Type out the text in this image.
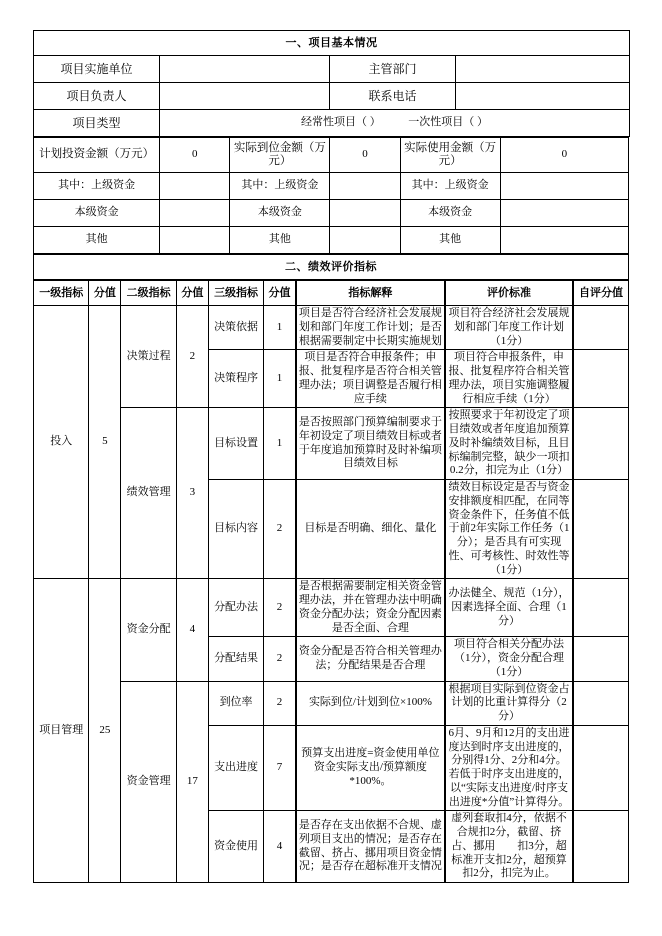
一、项目基本情况			
项目实施单位		主管部门	
项目负责人		联系电话	
项目类型	经常性项目（ ）　　　一次性项目（ ）		
计划投资金额（万元）	0	实际到位金额（万元）	0	实际使用金额（万元）	0
其中：上级资金		其中：上级资金		其中：上级资金	
本级资金		本级资金		本级资金	
其他		其他		其他	
二、绩效评价指标
一级指标	分值	二级指标	分值	三级指标	分值	指标解释	评价标准	自评分值
投入	5	决策过程	2	决策依据	1	项目是否符合经济社会发展规划和部门年度工作计划；是否根据需要制定中长期实施规划	项目符合经济社会发展规划和部门年度工作计划（1分）	
				决策程序	1	项目是否符合申报条件；申报、批复程序是否符合相关管理办法；项目调整是否履行相应手续	项目符合申报条件，申报、批复程序符合相关管理办法，项目实施调整履行相应手续（1分）	
		绩效管理	3	目标设置	1	是否按照部门预算编制要求于年初设定了项目绩效目标或者于年度追加预算时及时补编项目绩效目标	按照要求于年初设定了项目绩效或者年度追加预算及时补编绩效目标，且目标编制完整，缺少一项扣0.2分，扣完为止（1分）	
				目标内容	2	目标是否明确、细化、量化	绩效目标设定是否与资金安排额度相匹配，在同等资金条件下，任务值不低于前2年实际工作任务（1分）；是否具有可实现性、可考核性、时效性等（1分）	
项目管理	25	资金分配	4	分配办法	2	是否根据需要制定相关资金管理办法，并在管理办法中明确资金分配办法；资金分配因素是否全面、合理	办法健全、规范（1分），因素选择全面、合理（1分）	
				分配结果	2	资金分配是否符合相关管理办法；分配结果是否合理	项目符合相关分配办法（1分），资金分配合理（1分）	
		资金管理	17	到位率	2	实际到位/计划到位×100%	根据项目实际到位资金占计划的比重计算得分（2分）	
				支出进度	7	预算支出进度=资金使用单位资金实际支出/预算额度*100%。	6月、9月和12月的支出进度达到时序支出进度的，分别得1分、2分和4分。若低于时序支出进度的，以“实际支出进度/时序支出进度*分值”计算得分。	
				资金使用	4	是否存在支出依据不合规、虚列项目支出的情况；是否存在截留、挤占、挪用项目资金情况；是否存在超标准开支情况	虚列套取扣4分，依据不合规扣2分，截留、挤占、挪用　　扣3分，超标准开支扣2分，超预算扣2分，扣完为止。	
